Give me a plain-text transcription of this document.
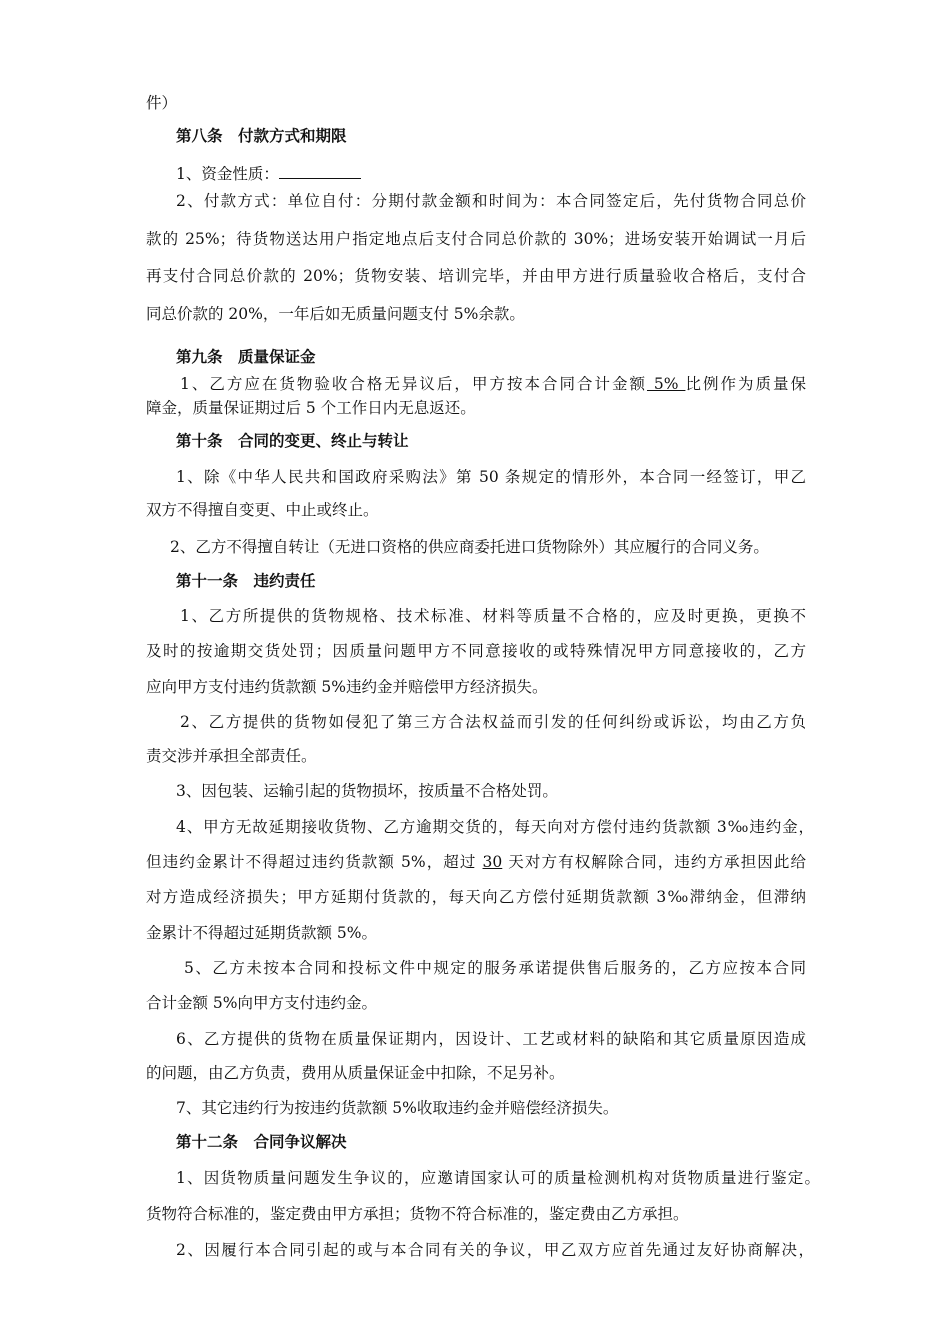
件）
第八条　付款方式和期限
1、资金性质：
2、付款方式：单位自付：分期付款金额和时间为：本合同签定后，先付货物合同总价
款的 25%；待货物送达用户指定地点后支付合同总价款的 30%；进场安装开始调试一月后
再支付合同总价款的 20%；货物安装、培训完毕，并由甲方进行质量验收合格后，支付合
同总价款的 20%，一年后如无质量问题支付 5%余款。
第九条　质量保证金
1、乙方应在货物验收合格无异议后，甲方按本合同合计金额 5% 比例作为质量保
障金，质量保证期过后 5 个工作日内无息返还。
第十条　合同的变更、终止与转让
1、除《中华人民共和国政府采购法》第 50 条规定的情形外，本合同一经签订，甲乙
双方不得擅自变更、中止或终止。
2、乙方不得擅自转让（无进口资格的供应商委托进口货物除外）其应履行的合同义务。
第十一条　违约责任
1、乙方所提供的货物规格、技术标准、材料等质量不合格的，应及时更换，更换不
及时的按逾期交货处罚；因质量问题甲方不同意接收的或特殊情况甲方同意接收的，乙方
应向甲方支付违约货款额 5%违约金并赔偿甲方经济损失。
2、乙方提供的货物如侵犯了第三方合法权益而引发的任何纠纷或诉讼，均由乙方负
责交涉并承担全部责任。
3、因包装、运输引起的货物损坏，按质量不合格处罚。
4、甲方无故延期接收货物、乙方逾期交货的，每天向对方偿付违约货款额 3‰违约金，
但违约金累计不得超过违约货款额 5%，超过 30 天对方有权解除合同，违约方承担因此给
对方造成经济损失；甲方延期付货款的，每天向乙方偿付延期货款额 3‰滞纳金，但滞纳
金累计不得超过延期货款额 5%。
5、乙方未按本合同和投标文件中规定的服务承诺提供售后服务的，乙方应按本合同
合计金额 5%向甲方支付违约金。
6、乙方提供的货物在质量保证期内，因设计、工艺或材料的缺陷和其它质量原因造成
的问题，由乙方负责，费用从质量保证金中扣除，不足另补。
7、其它违约行为按违约货款额 5%收取违约金并赔偿经济损失。
第十二条　合同争议解决
1、因货物质量问题发生争议的，应邀请国家认可的质量检测机构对货物质量进行鉴定。
货物符合标准的，鉴定费由甲方承担；货物不符合标准的，鉴定费由乙方承担。
2、因履行本合同引起的或与本合同有关的争议，甲乙双方应首先通过友好协商解决，
